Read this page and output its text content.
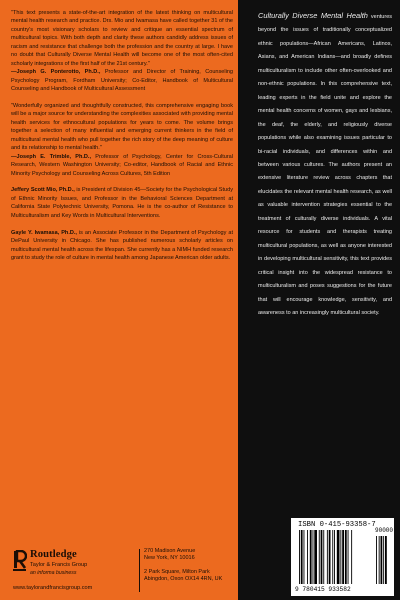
"This text presents a state-of-the-art integration of the latest thinking on multicultural mental health research and practice. Drs. Mio and Iwamasa have called together 31 of the country's most visionary scholars to review and critique an essential spectrum of multicultural topics. With both depth and clarity these authors candidly address issues of racism and resistance that challenge both the profession and the country at large. I have no doubt that Culturally Diverse Mental Health will become one of the most often-cited scholarly integrations of the first half of the 21st century."
—Joseph G. Ponterotto, Ph.D., Professor and Director of Training, Counseling Psychology Program, Fordham University; Co-Editor, Handbook of Multicultural Counseling and Handbook of Multicultural Assessment

"Wonderfully organized and thoughtfully constructed, this comprehensive engaging book will be a major source for understanding the complexities associated with providing mental health services for ethnocultural populations for years to come. The volume brings together a selection of many influential and emerging current thinkers in the field of multicultural mental health who pull together the rich story of the deep meaning of culture and its relationship to mental health."
—Joseph E. Trimble, Ph.D., Professor of Psychology, Center for Cross-Cultural Research, Western Washington University; Co-editor, Handbook of Racial and Ethnic Minority Psychology and Counseling Across Cultures, 5th Edition

Jeffery Scott Mio, Ph.D., is President of Division 45—Society for the Psychological Study of Ethnic Minority Issues, and Professor in the Behavioral Sciences Department at California State Polytechnic University, Pomona. He is the co-author of Resistance to Multiculturalism and Key Words in Multicultural Interventions.

Gayle Y. Iwamasa, Ph.D., is an Associate Professor in the Department of Psychology at DePaul University in Chicago. She has published numerous scholarly articles on multicultural mental health across the lifespan. She currently has a NIMH funded research grant to study the role of culture in mental health among Japanese American older adults.

Culturally Diverse Mental Health ventures beyond the issues of traditionally conceptualized ethnic populations—African Americans, Latinos, Asians, and American Indians—and broadly defines multiculturalism to include other often-overlooked and non-ethnic populations. In this comprehensive text, leading experts in the field unite and explore the mental health concerns of women, gays and lesbians, the deaf, the elderly, and religiously diverse populations while also examining issues particular to bi-racial individuals, and differences within and between various cultures. The authors present an extensive literature review across chapters that elucidates the relevant mental health research, as well as valuable intervention strategies essential to the treatment of culturally diverse individuals. A vital resource for students and therapists treating multicultural populations, as well as anyone interested in developing multicultural sensitivity, this text provides critical insight into the widespread resistance to multiculturalism and poses suggestions for the future that will encourage knowledge, sensitivity, and awareness to an increasingly multicultural society.
Routledge
Taylor & Francis Group
an informa business
www.taylorandfrancisgroup.com
270 Madison Avenue
New York, NY 10016

2 Park Square, Milton Park
Abingdon, Oxon OX14 4RN, UK
ISBN 0-415-93358-7
90000
9 780415 933582
